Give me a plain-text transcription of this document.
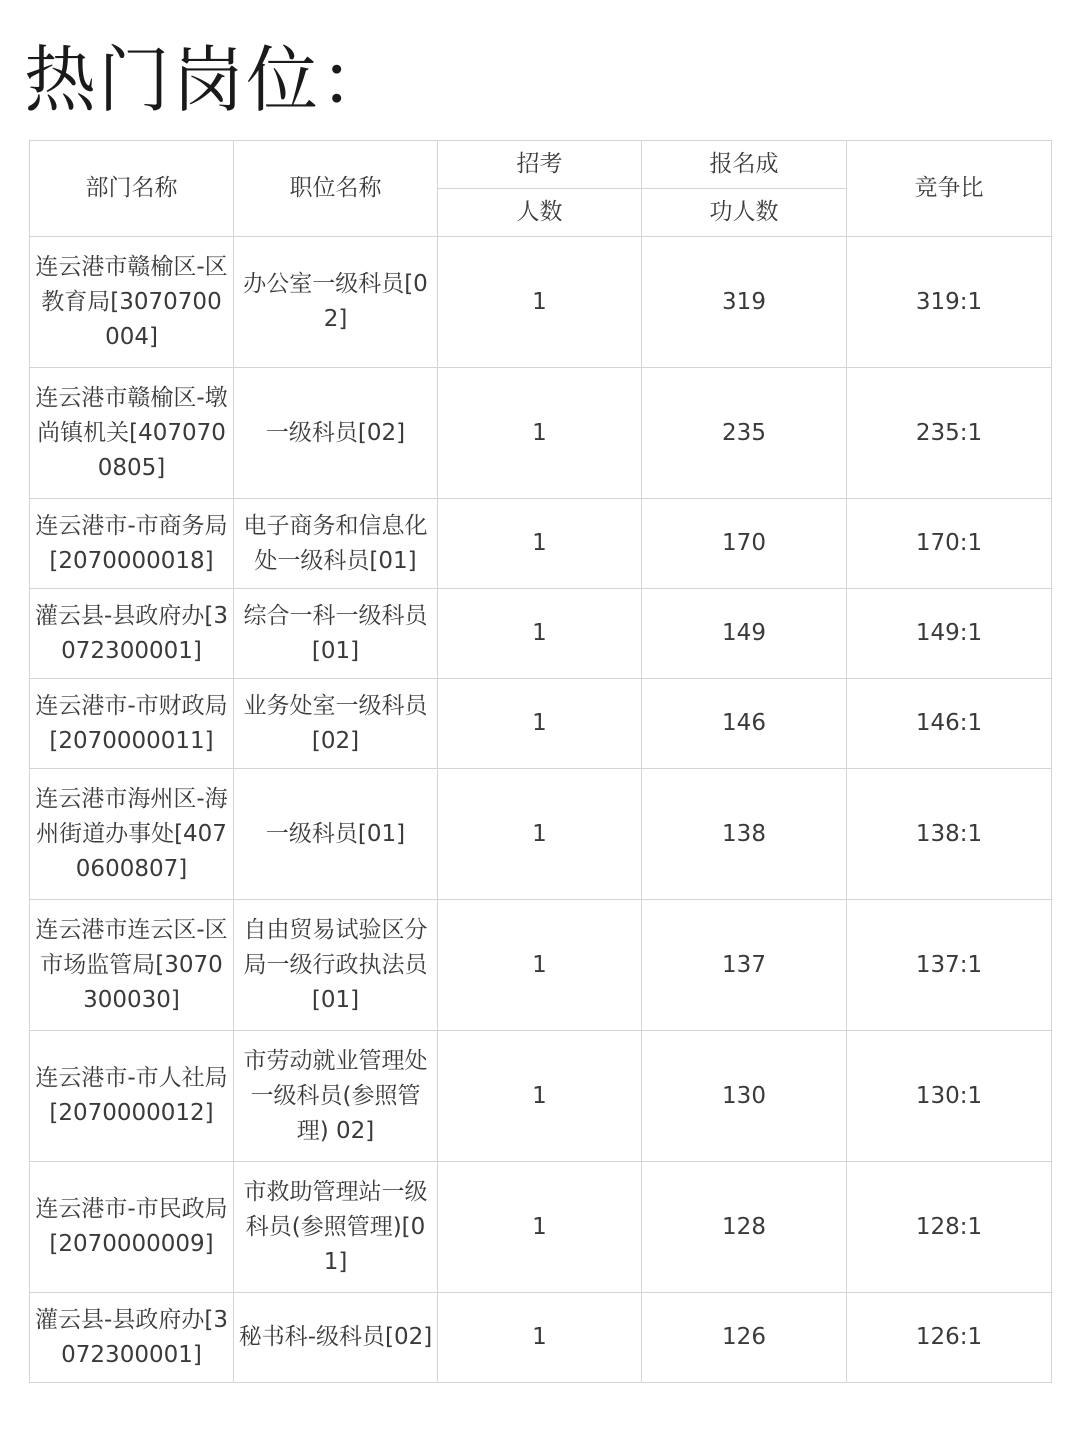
热门岗位：
部门名称	职位名称	招考	报名成	竞争比
		人数	功人数	
连云港市赣榆区-区教育局[3070700004]	办公室一级科员[02]	1	319	319:1
连云港市赣榆区-墩尚镇机关[4070700805]	一级科员[02]	1	235	235:1
连云港市-市商务局[2070000018]	电子商务和信息化处一级科员[01]	1	170	170:1
灌云县-县政府办[3072300001]	综合一科一级科员[01]	1	149	149:1
连云港市-市财政局[2070000011]	业务处室一级科员[02]	1	146	146:1
连云港市海州区-海州街道办事处[4070600807]	一级科员[01]	1	138	138:1
连云港市连云区-区市场监管局[3070300030]	自由贸易试验区分局一级行政执法员[01]	1	137	137:1
连云港市-市人社局[2070000012]	市劳动就业管理处一级科员(参照管理) 02]	1	130	130:1
连云港市-市民政局[2070000009]	市救助管理站一级科员(参照管理)[01]	1	128	128:1
灌云县-县政府办[3072300001]	秘书科-级科员[02]	1	126	126:1
